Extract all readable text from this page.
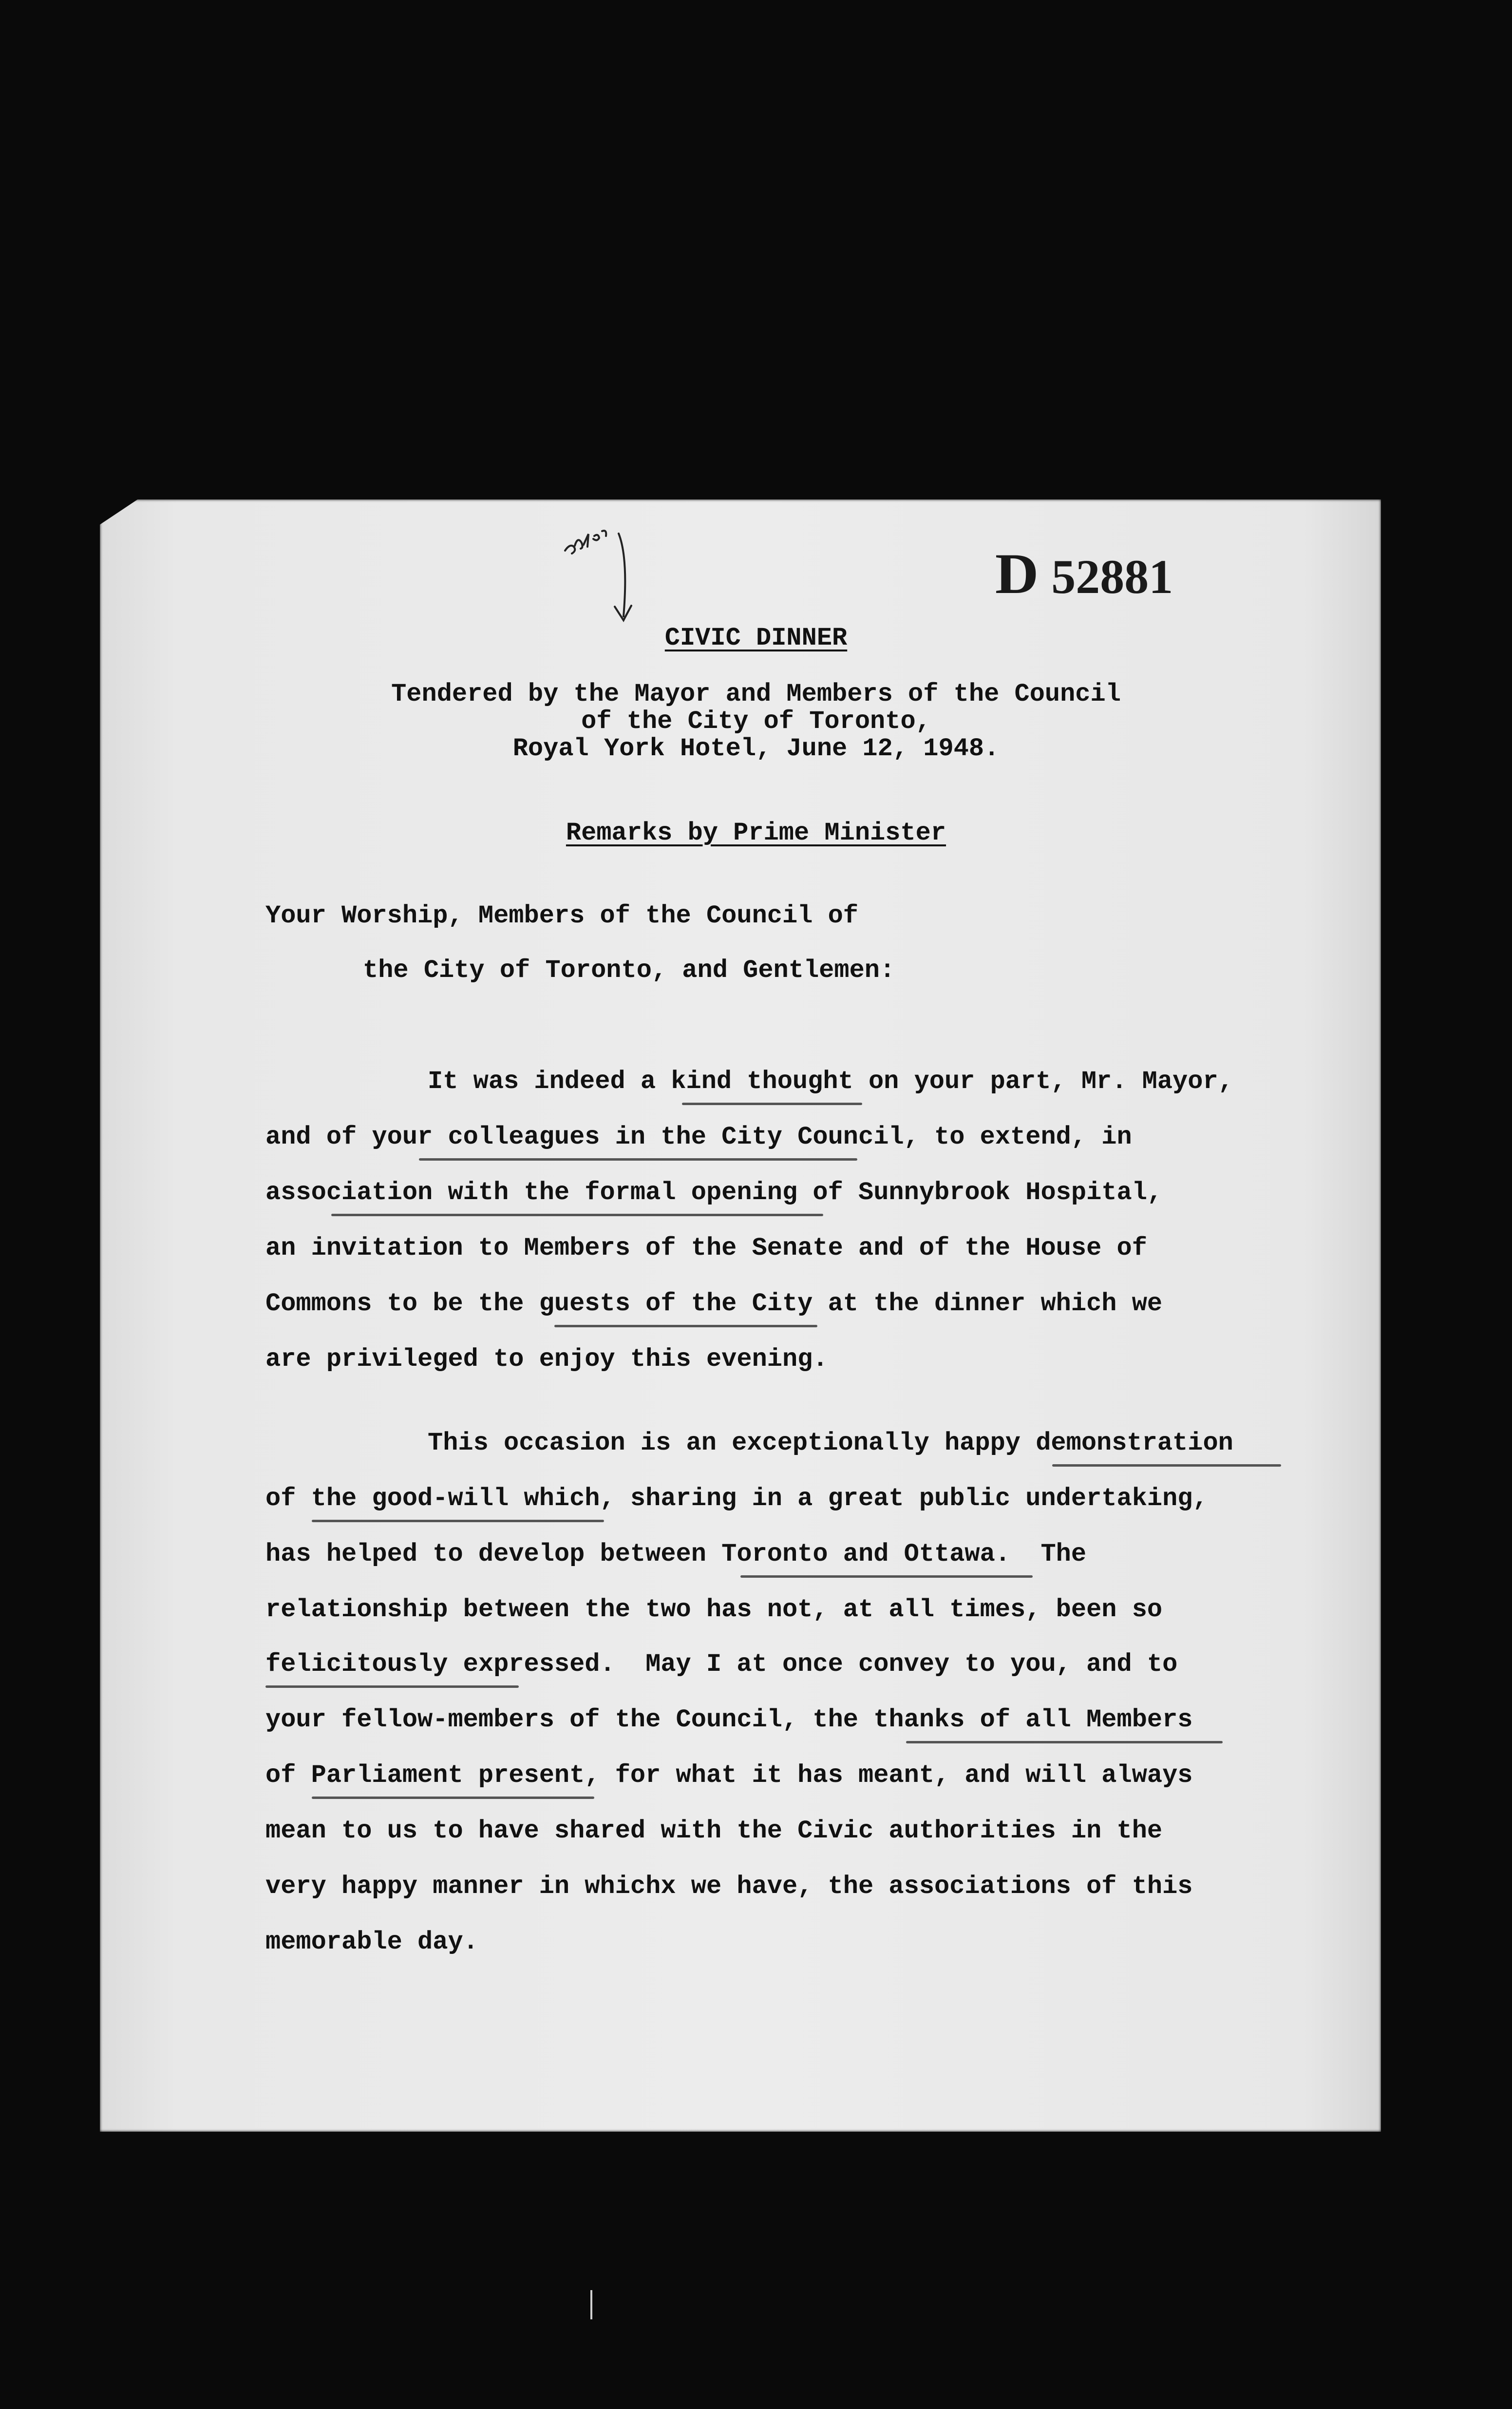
7th re
D 52881
CIVIC DINNER
Tendered by the Mayor and Members of the Council
of the City of Toronto,
Royal York Hotel, June 12, 1948.
Remarks by Prime Minister
Your Worship, Members of the Council of
the City of Toronto, and Gentlemen:
It was indeed a kind thought on your part, Mr. Mayor,
and of your colleagues in the City Council, to extend, in
association with the formal opening of Sunnybrook Hospital,
an invitation to Members of the Senate and of the House of
Commons to be the guests of the City at the dinner which we
are privileged to enjoy this evening.
This occasion is an exceptionally happy demonstration
of the good-will which, sharing in a great public undertaking,
has helped to develop between Toronto and Ottawa.  The
relationship between the two has not, at all times, been so
felicitously expressed.  May I at once convey to you, and to
your fellow-members of the Council, the thanks of all Members
of Parliament present, for what it has meant, and will always
mean to us to have shared with the Civic authorities in the
very happy manner in whichx we have, the associations of this
memorable day.
